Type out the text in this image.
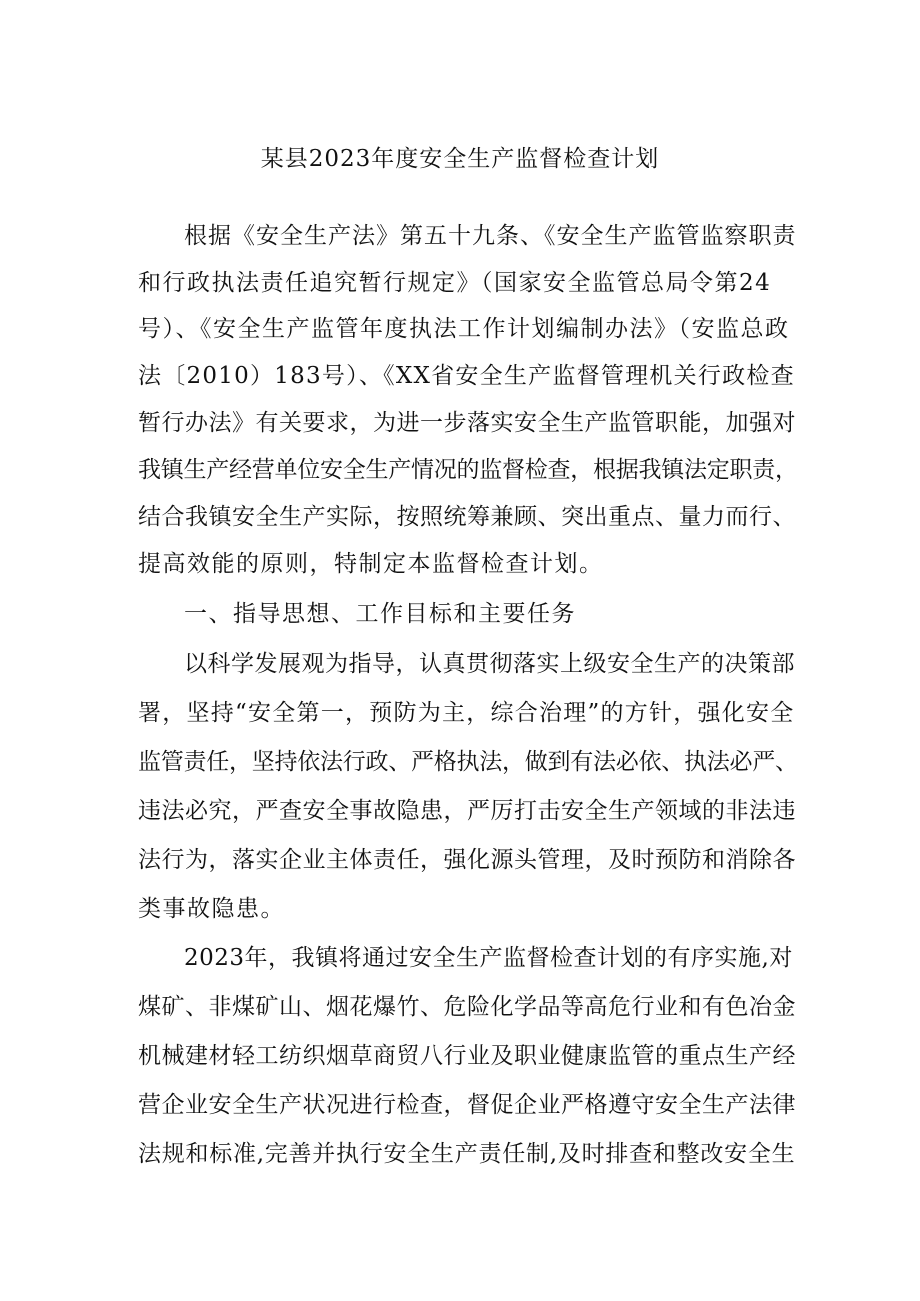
某县2023年度安全生产监督检查计划
根据《安全生产法》第五十九条、《安全生产监管监察职责
和行政执法责任追究暂行规定》（国家安全监管总局令第24
号）、《安全生产监管年度执法工作计划编制办法》（安监总政
法〔2010）183号）、《XX省安全生产监督管理机关行政检查
暂行办法》有关要求，为进一步落实安全生产监管职能，加强对
我镇生产经营单位安全生产情况的监督检查，根据我镇法定职责，
结合我镇安全生产实际，按照统筹兼顾、突出重点、量力而行、
提高效能的原则，特制定本监督检查计划。
一、指导思想、工作目标和主要任务
以科学发展观为指导，认真贯彻落实上级安全生产的决策部
署，坚持“安全第一，预防为主，综合治理”的方针，强化安全
监管责任，坚持依法行政、严格执法，做到有法必依、执法必严、
违法必究，严查安全事故隐患，严厉打击安全生产领域的非法违
法行为，落实企业主体责任，强化源头管理，及时预防和消除各
类事故隐患。
2023年，我镇将通过安全生产监督检查计划的有序实施,对
煤矿、非煤矿山、烟花爆竹、危险化学品等高危行业和有色冶金
机械建材轻工纺织烟草商贸八行业及职业健康监管的重点生产经
营企业安全生产状况进行检查，督促企业严格遵守安全生产法律
法规和标准,完善并执行安全生产责任制,及时排查和整改安全生
